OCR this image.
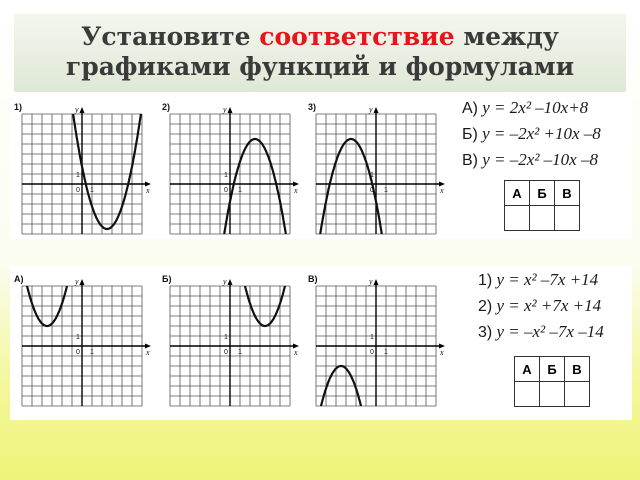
Установите соответствие между
графиками функций и формулами
1)	y
x
1
0 1
2)	y
x
1
0 1
3)	y
x
1
0 1
А) y = 2x² –10x+8
Б) y = –2x² +10x –8
В) y = –2x² –10x –8
А	Б	В

А)	y
x
1
0 1
Б)	y
x
1
0 1
В)	y
x
1
0 1
1) y = x² –7x +14
2) y = x² +7x +14
3) y = –x² –7x –14
А	Б	В
